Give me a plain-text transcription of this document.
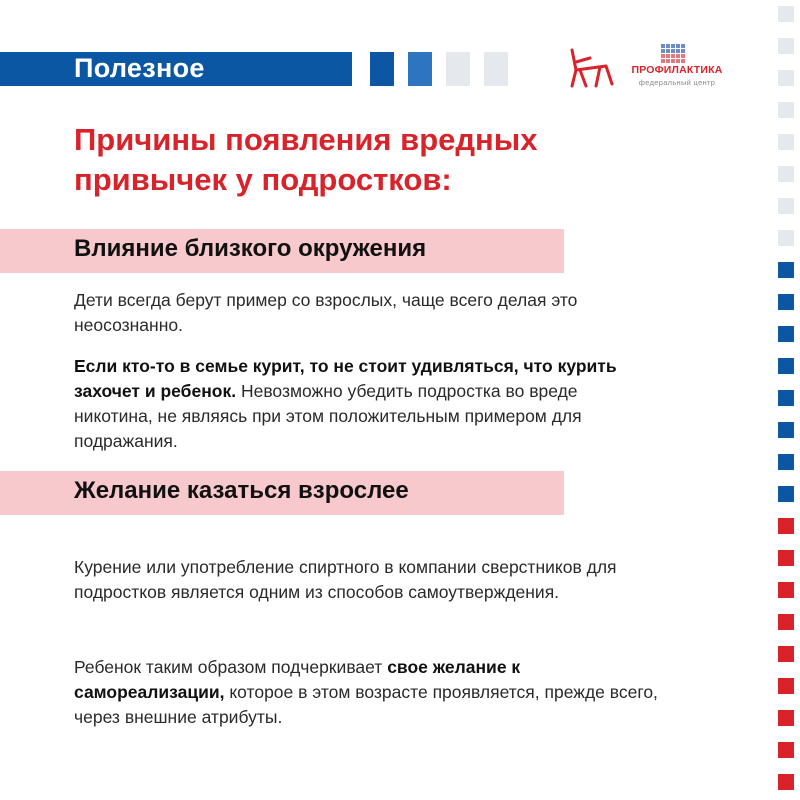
Полезное	ПРОФИЛАКТИКА
федеральный центр
Причины появления вредных
привычек у подростков:
Влияние близкого окружения

Дети всегда берут пример со взрослых, чаще всего делая это неосознанно.

Если кто-то в семье курит, то не стоит удивляться, что курить захочет и ребенок. Невозможно убедить подростка во вреде никотина, не являясь при этом положительным примером для подражания.

Желание казаться взрослее

Курение или употребление спиртного в компании сверстников для подростков является одним из способов самоутверждения.

Ребенок таким образом подчеркивает свое желание к самореализации, которое в этом возрасте проявляется, прежде всего, через внешние атрибуты.
